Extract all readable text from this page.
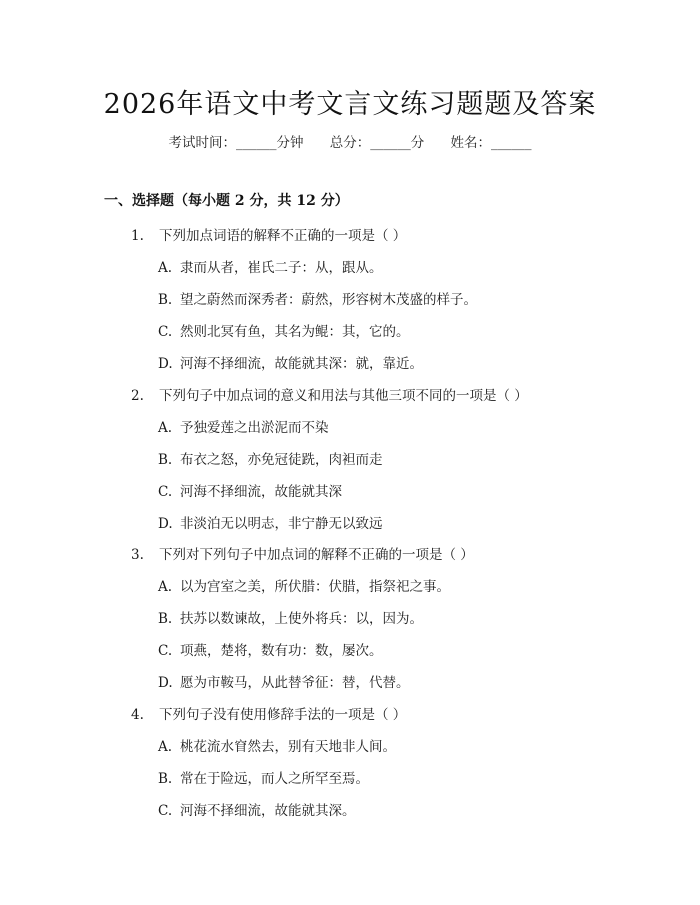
2026年语文中考文言文练习题题及答案
考试时间：______分钟 总分：______分 姓名：______
一、选择题（每小题 2 分，共 12 分）
1. 下列加点词语的解释不正确的一项是（ ）
A. 隶而从者，崔氏二子：从，跟从。
B. 望之蔚然而深秀者：蔚然，形容树木茂盛的样子。
C. 然则北冥有鱼，其名为鲲：其，它的。
D. 河海不择细流，故能就其深：就，靠近。
2. 下列句子中加点词的意义和用法与其他三项不同的一项是（ ）
A. 予独爱莲之出淤泥而不染
B. 布衣之怒，亦免冠徒跣，肉袒而走
C. 河海不择细流，故能就其深
D. 非淡泊无以明志，非宁静无以致远
3. 下列对下列句子中加点词的解释不正确的一项是（ ）
A. 以为宫室之美，所伏腊：伏腊，指祭祀之事。
B. 扶苏以数谏故，上使外将兵：以，因为。
C. 项燕，楚将，数有功：数，屡次。
D. 愿为市鞍马，从此替爷征：替，代替。
4. 下列句子没有使用修辞手法的一项是（ ）
A. 桃花流水窅然去，别有天地非人间。
B. 常在于险远，而人之所罕至焉。
C. 河海不择细流，故能就其深。
